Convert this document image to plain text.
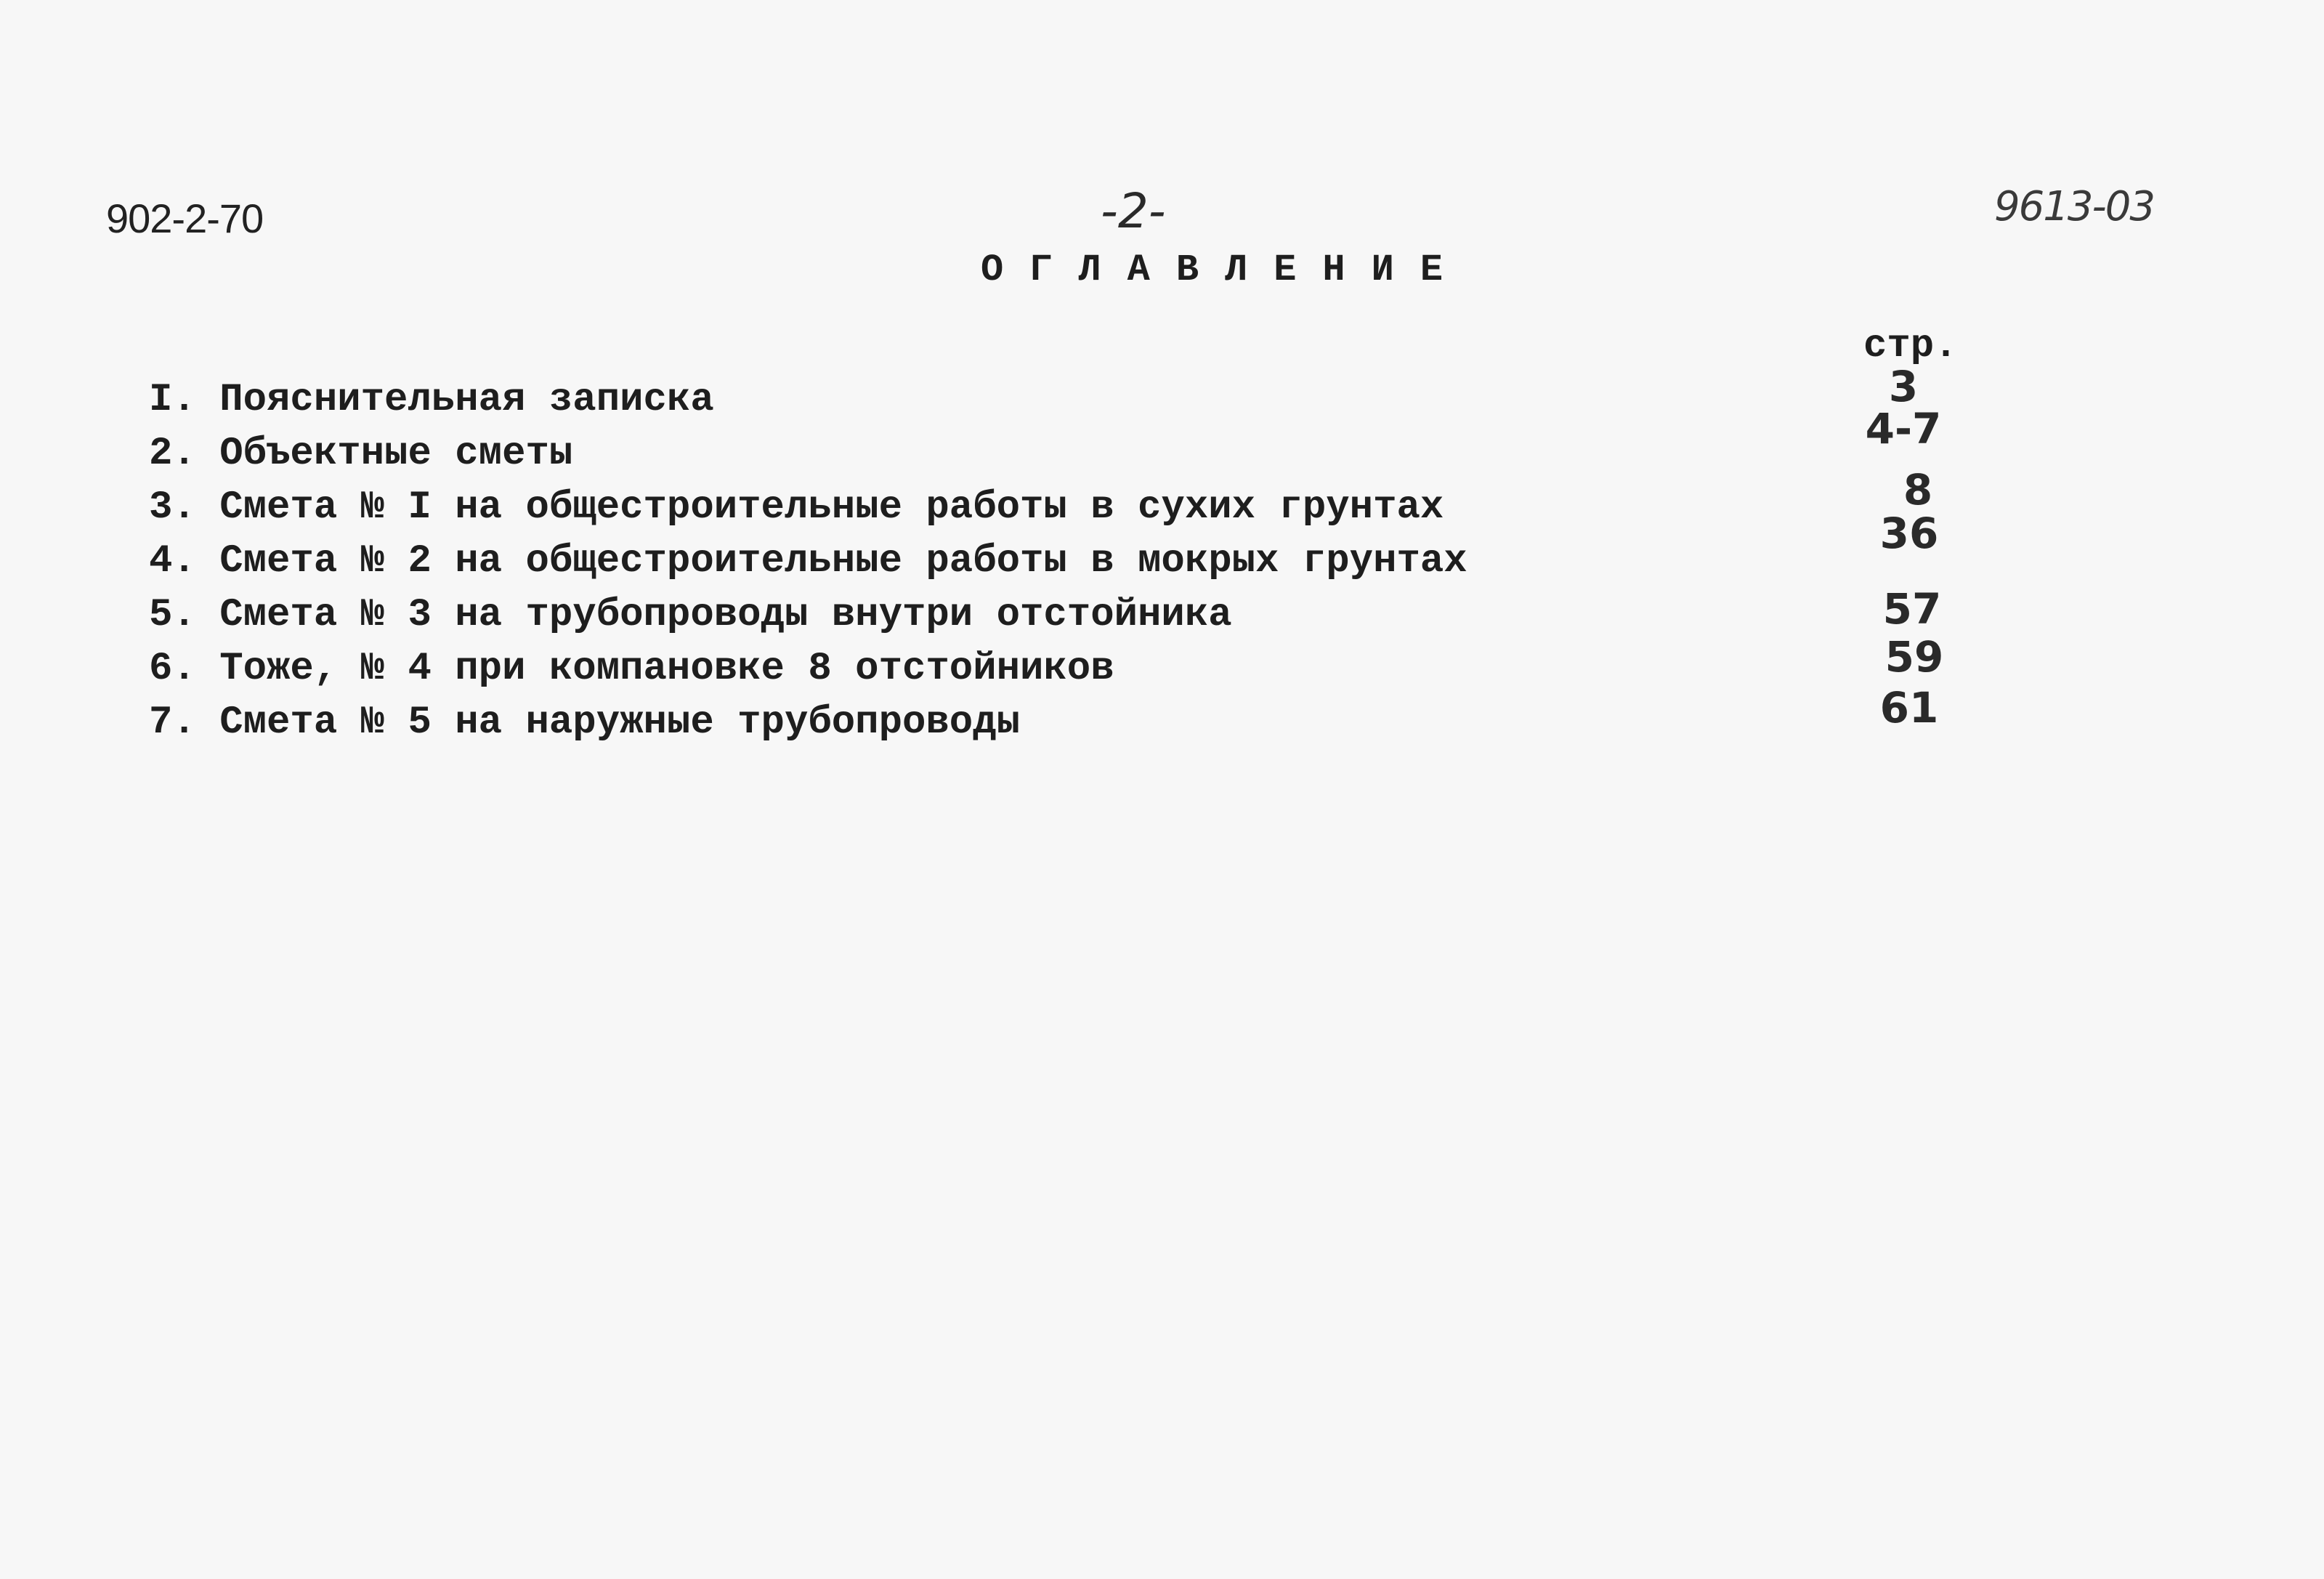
902-2-70	-2-	9613-03
ОГЛАВЛЕНИЕ
стр.
I. Пояснительная записка
2. Объектные сметы
3. Смета № I на общестроительные работы в сухих грунтах
4. Смета № 2 на общестроительные работы в мокрых грунтах
5. Смета № 3 на трубопроводы внутри отстойника
6. Тоже, № 4 при компановке 8 отстойников
7. Смета № 5 на наружные трубопроводы
3
4-7
8
36
57
59
61
